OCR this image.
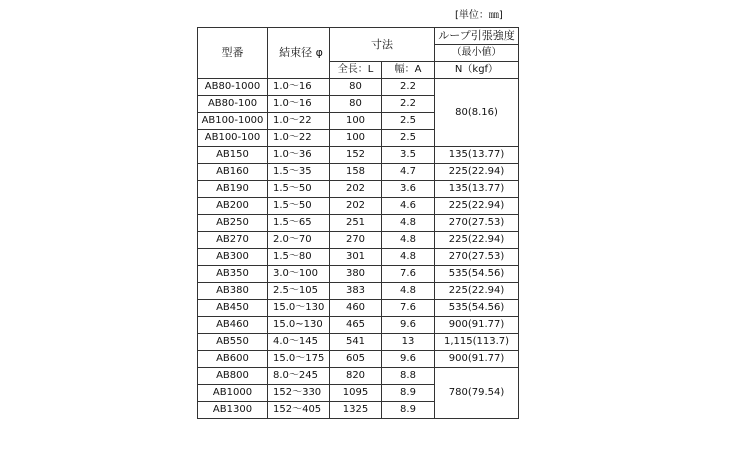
[単位：㎜]
型番	結束径 φ	寸法		ループ引張強度
				（最小値）
		全長：L	幅：A	N（kgf）
AB80-1000	1.0～16	80	2.2	80(8.16)
AB80-100	1.0～16	80	2.2	
AB100-1000	1.0～22	100	2.5	
AB100-100	1.0～22	100	2.5	
AB150	1.0～36	152	3.5	135(13.77)
AB160	1.5～35	158	4.7	225(22.94)
AB190	1.5～50	202	3.6	135(13.77)
AB200	1.5～50	202	4.6	225(22.94)
AB250	1.5～65	251	4.8	270(27.53)
AB270	2.0～70	270	4.8	225(22.94)
AB300	1.5～80	301	4.8	270(27.53)
AB350	3.0～100	380	7.6	535(54.56)
AB380	2.5～105	383	4.8	225(22.94)
AB450	15.0～130	460	7.6	535(54.56)
AB460	15.0~130	465	9.6	900(91.77)
AB550	4.0～145	541	13	1,115(113.7)
AB600	15.0～175	605	9.6	900(91.77)
AB800	8.0～245	820	8.8	780(79.54)
AB1000	152～330	1095	8.9	
AB1300	152～405	1325	8.9	
